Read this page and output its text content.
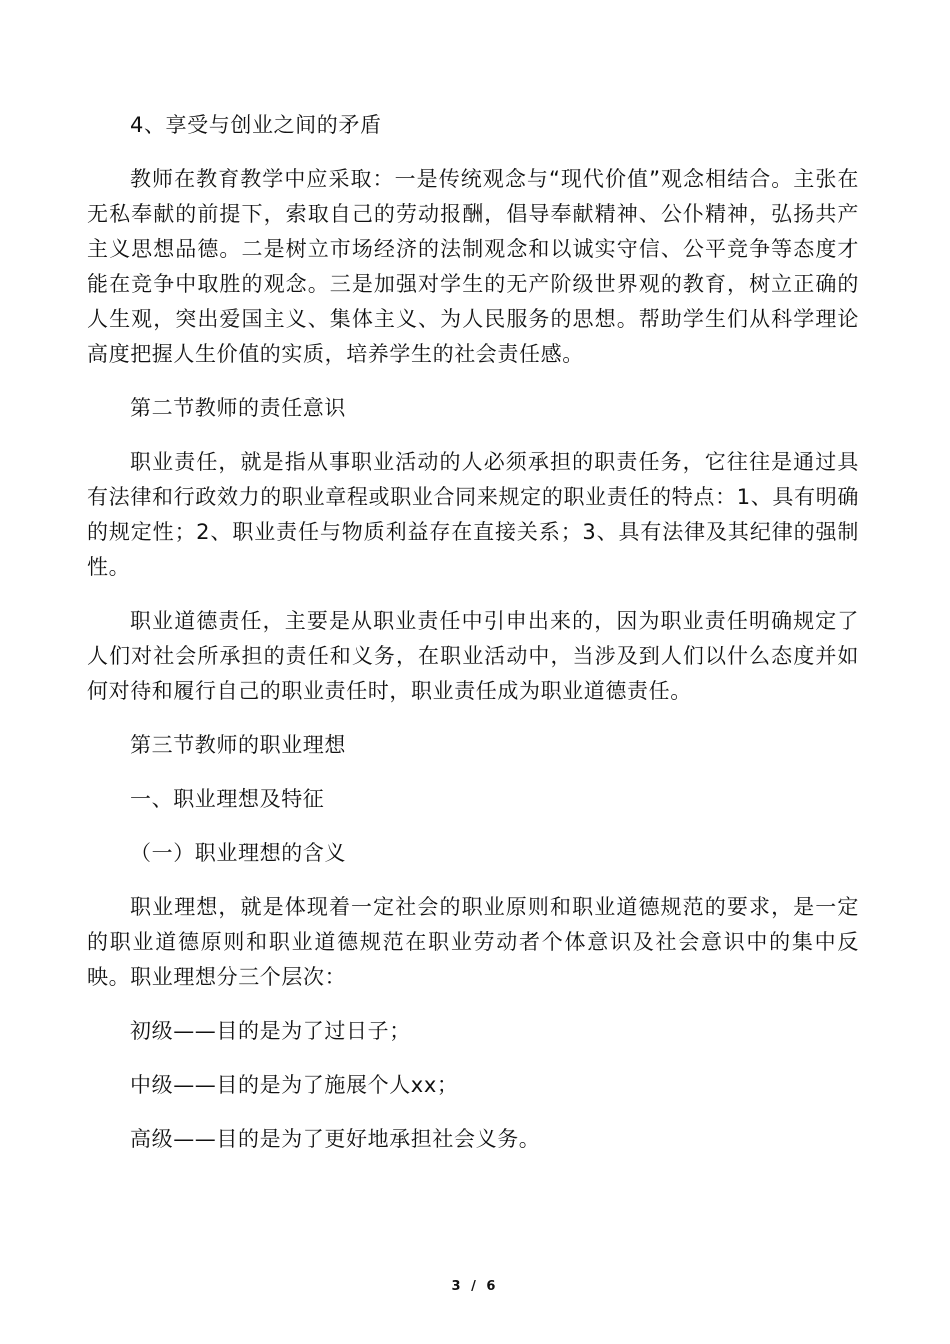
4、享受与创业之间的矛盾

教师在教育教学中应采取：一是传统观念与“现代价值”观念相结合。主张在无私奉献的前提下，索取自己的劳动报酬，倡导奉献精神、公仆精神，弘扬共产主义思想品德。二是树立市场经济的法制观念和以诚实守信、公平竞争等态度才能在竞争中取胜的观念。三是加强对学生的无产阶级世界观的教育，树立正确的人生观，突出爱国主义、集体主义、为人民服务的思想。帮助学生们从科学理论高度把握人生价值的实质，培养学生的社会责任感。

第二节教师的责任意识

职业责任，就是指从事职业活动的人必须承担的职责任务，它往往是通过具有法律和行政效力的职业章程或职业合同来规定的职业责任的特点：1、具有明确的规定性；2、职业责任与物质利益存在直接关系；3、具有法律及其纪律的强制性。

职业道德责任，主要是从职业责任中引申出来的，因为职业责任明确规定了人们对社会所承担的责任和义务，在职业活动中，当涉及到人们以什么态度并如何对待和履行自己的职业责任时，职业责任成为职业道德责任。

第三节教师的职业理想

一、职业理想及特征

（一）职业理想的含义

职业理想，就是体现着一定社会的职业原则和职业道德规范的要求，是一定的职业道德原则和职业道德规范在职业劳动者个体意识及社会意识中的集中反映。职业理想分三个层次：

初级——目的是为了过日子；

中级——目的是为了施展个人xx；

高级——目的是为了更好地承担社会义务。

3 / 6
